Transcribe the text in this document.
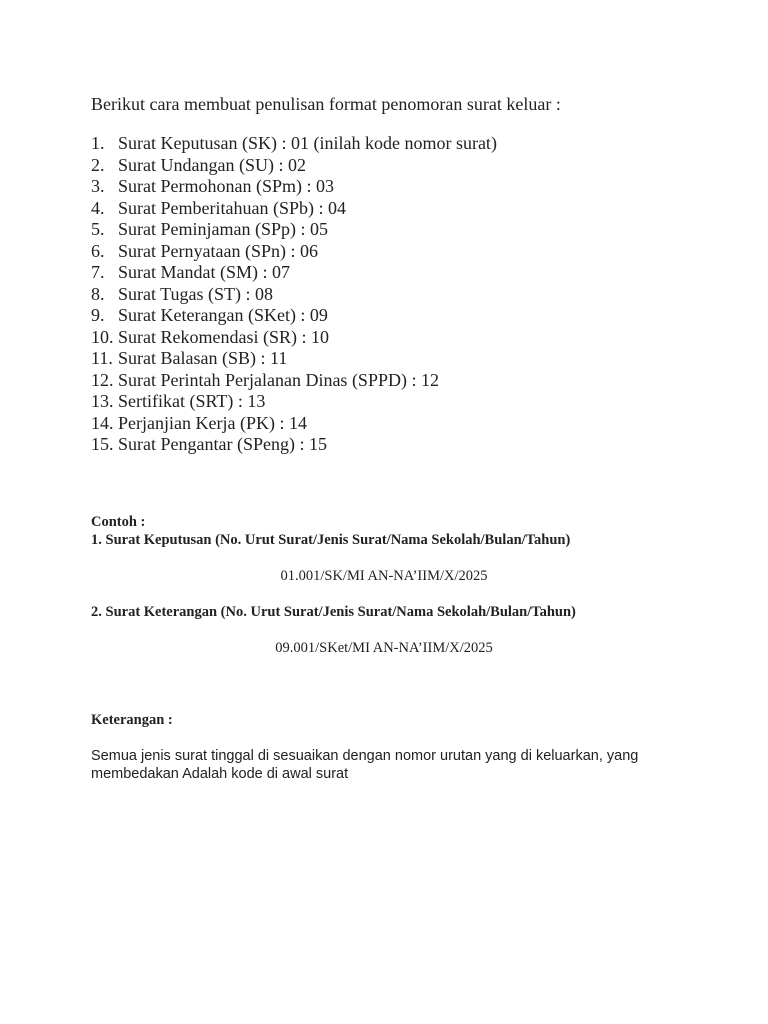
Berikut cara membuat penulisan format penomoran surat keluar :

1. Surat Keputusan (SK) : 01 (inilah kode nomor surat)
2. Surat Undangan (SU) : 02
3. Surat Permohonan (SPm) : 03
4. Surat Pemberitahuan (SPb) : 04
5. Surat Peminjaman (SPp) : 05
6. Surat Pernyataan (SPn) : 06
7. Surat Mandat (SM) : 07
8. Surat Tugas (ST) : 08
9. Surat Keterangan (SKet) : 09
10. Surat Rekomendasi (SR) : 10
11. Surat Balasan (SB) : 11
12. Surat Perintah Perjalanan Dinas (SPPD) : 12
13. Sertifikat (SRT) : 13
14. Perjanjian Kerja (PK) : 14
15. Surat Pengantar (SPeng) : 15

Contoh :

1. Surat Keputusan (No. Urut Surat/Jenis Surat/Nama Sekolah/Bulan/Tahun)

01.001/SK/MI AN-NA’IIM/X/2025

2. Surat Keterangan (No. Urut Surat/Jenis Surat/Nama Sekolah/Bulan/Tahun)

09.001/SKet/MI AN-NA’IIM/X/2025

Keterangan :

Semua jenis surat tinggal di sesuaikan dengan nomor urutan yang di keluarkan, yang membedakan Adalah kode di awal surat
